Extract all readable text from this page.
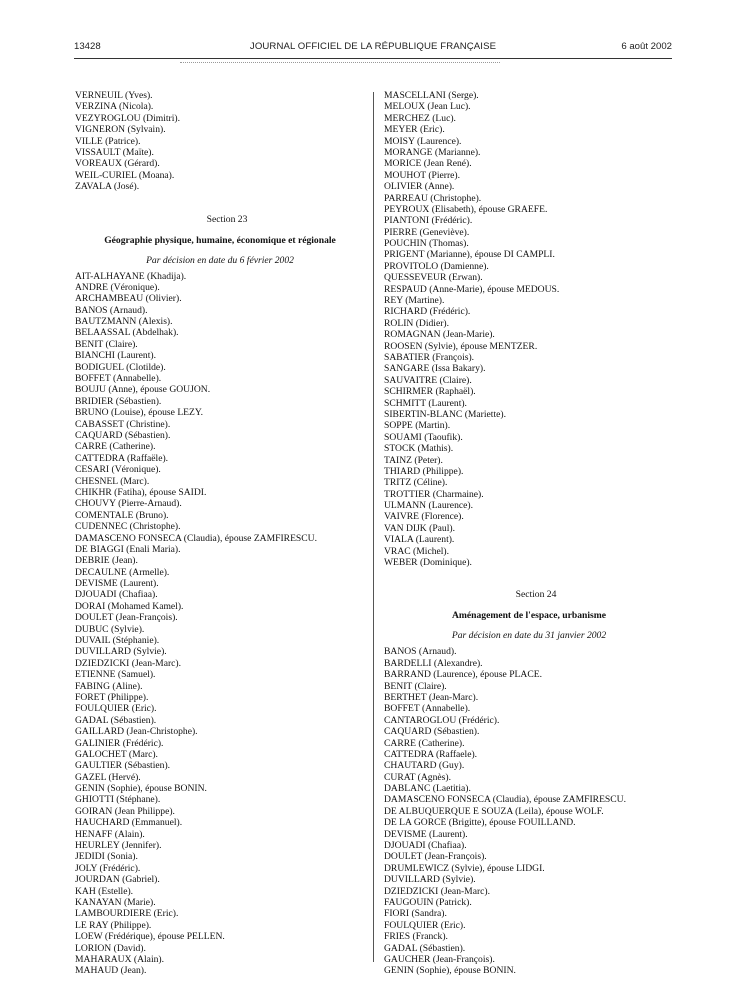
13428	JOURNAL OFFICIEL DE LA RÉPUBLIQUE FRANÇAISE	6 août 2002
VERNEUIL (Yves).
VERZINA (Nicola).
VEZYROGLOU (Dimitri).
VIGNERON (Sylvain).
VILLE (Patrice).
VISSAULT (Maïte).
VOREAUX (Gérard).
WEIL-CURIEL (Moana).
ZAVALA (José).
Section 23
Géographie physique, humaine, économique et régionale
Par décision en date du 6 février 2002
AIT-ALHAYANE (Khadija).
ANDRE (Véronique).
ARCHAMBEAU (Olivier).
BANOS (Arnaud).
BAUTZMANN (Alexis).
BELAASSAL (Abdelhak).
BENIT (Claire).
BIANCHI (Laurent).
BODIGUEL (Clotilde).
BOFFET (Annabelle).
BOUJU (Anne), épouse GOUJON.
BRIDIER (Sébastien).
BRUNO (Louise), épouse LEZY.
CABASSET (Christine).
CAQUARD (Sébastien).
CARRE (Catherine).
CATTEDRA (Raffaële).
CESARI (Véronique).
CHESNEL (Marc).
CHIKHR (Fatiha), épouse SAIDI.
CHOUVY (Pierre-Arnaud).
COMENTALE (Bruno).
CUDENNEC (Christophe).
DAMASCENO FONSECA (Claudia), épouse ZAMFIRESCU.
DE BIAGGI (Enali Maria).
DEBRIE (Jean).
DECAULNE (Armelle).
DEVISME (Laurent).
DJOUADI (Chafiaa).
DORAI (Mohamed Kamel).
DOULET (Jean-François).
DUBUC (Sylvie).
DUVAIL (Stéphanie).
DUVILLARD (Sylvie).
DZIEDZICKI (Jean-Marc).
ETIENNE (Samuel).
FABING (Aline).
FORET (Philippe).
FOULQUIER (Eric).
GADAL (Sébastien).
GAILLARD (Jean-Christophe).
GALINIER (Frédéric).
GALOCHET (Marc).
GAULTIER (Sébastien).
GAZEL (Hervé).
GENIN (Sophie), épouse BONIN.
GHIOTTI (Stéphane).
GOIRAN (Jean Philippe).
HAUCHARD (Emmanuel).
HENAFF (Alain).
HEURLEY (Jennifer).
JEDIDI (Sonia).
JOLY (Frédéric).
JOURDAN (Gabriel).
KAH (Estelle).
KANAYAN (Marie).
LAMBOURDIERE (Eric).
LE RAY (Philippe).
LOEW (Frédérique), épouse PELLEN.
LORION (David).
MAHARAUX (Alain).
MAHAUD (Jean).
MASCELLANI (Serge).
MELOUX (Jean Luc).
MERCHEZ (Luc).
MEYER (Eric).
MOISY (Laurence).
MORANGE (Marianne).
MORICE (Jean René).
MOUHOT (Pierre).
OLIVIER (Anne).
PARREAU (Christophe).
PEYROUX (Elisabeth), épouse GRAEFE.
PIANTONI (Frédéric).
PIERRE (Geneviève).
POUCHIN (Thomas).
PRIGENT (Marianne), épouse DI CAMPLI.
PROVITOLO (Damienne).
QUESSEVEUR (Erwan).
RESPAUD (Anne-Marie), épouse MEDOUS.
REY (Martine).
RICHARD (Frédéric).
ROLIN (Didier).
ROMAGNAN (Jean-Marie).
ROOSEN (Sylvie), épouse MENTZER.
SABATIER (François).
SANGARE (Issa Bakary).
SAUVAITRE (Claire).
SCHIRMER (Raphaël).
SCHMITT (Laurent).
SIBERTIN-BLANC (Mariette).
SOPPE (Martin).
SOUAMI (Taoufik).
STOCK (Mathis).
TAINZ (Peter).
THIARD (Philippe).
TRITZ (Céline).
TROTTIER (Charmaine).
ULMANN (Laurence).
VAIVRE (Florence).
VAN DIJK (Paul).
VIALA (Laurent).
VRAC (Michel).
WEBER (Dominique).
Section 24
Aménagement de l'espace, urbanisme
Par décision en date du 31 janvier 2002
BANOS (Arnaud).
BARDELLI (Alexandre).
BARRAND (Laurence), épouse PLACE.
BENIT (Claire).
BERTHET (Jean-Marc).
BOFFET (Annabelle).
CANTAROGLOU (Frédéric).
CAQUARD (Sébastien).
CARRE (Catherine).
CATTEDRA (Raffaele).
CHAUTARD (Guy).
CURAT (Agnès).
DABLANC (Laetitia).
DAMASCENO FONSECA (Claudia), épouse ZAMFIRESCU.
DE ALBUQUERQUE E SOUZA (Leila), épouse WOLF.
DE LA GORCE (Brigitte), épouse FOUILLAND.
DEVISME (Laurent).
DJOUADI (Chafiaa).
DOULET (Jean-François).
DRUMLEWICZ (Sylvie), épouse LIDGI.
DUVILLARD (Sylvie).
DZIEDZICKI (Jean-Marc).
FAUGOUIN (Patrick).
FIORI (Sandra).
FOULQUIER (Eric).
FRIES (Franck).
GADAL (Sébastien).
GAUCHER (Jean-François).
GENIN (Sophie), épouse BONIN.
